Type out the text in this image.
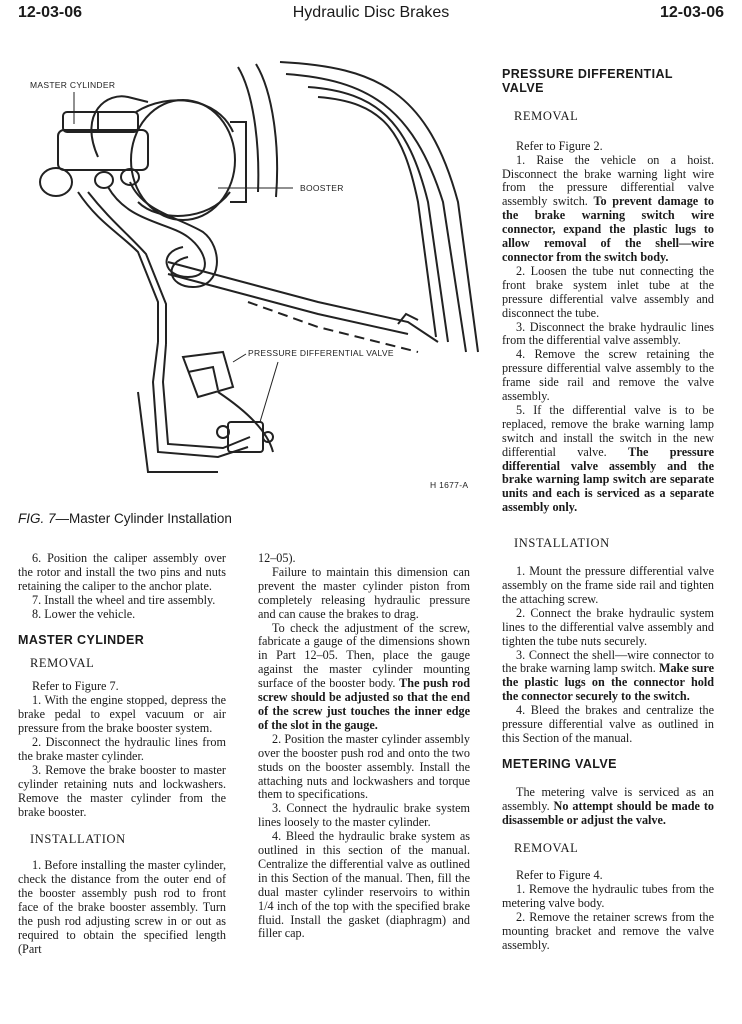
12-03-06	Hydraulic Disc Brakes	12-03-06
MASTER CYLINDER
BOOSTER
PRESSURE DIFFERENTIAL VALVE
H 1677-A
FIG. 7—Master Cylinder Installation

6. Position the caliper assembly over the rotor and install the two pins and nuts retaining the caliper to the anchor plate.

7. Install the wheel and tire assembly.

8. Lower the vehicle.

MASTER CYLINDER

REMOVAL

Refer to Figure 7.

1. With the engine stopped, depress the brake pedal to expel vacuum or air pressure from the brake booster system.

2. Disconnect the hydraulic lines from the brake master cylinder.

3. Remove the brake booster to master cylinder retaining nuts and lockwashers. Remove the master cylinder from the brake booster.

INSTALLATION

1. Before installing the master cylinder, check the distance from the outer end of the booster assembly push rod to front face of the brake booster assembly. Turn the push rod adjusting screw in or out as required to obtain the specified length (Part

12–05).

Failure to maintain this dimension can prevent the master cylinder piston from completely releasing hydraulic pressure and can cause the brakes to drag.

To check the adjustment of the screw, fabricate a gauge of the dimensions shown in Part 12–05. Then, place the gauge against the master cylinder mounting surface of the booster body. The push rod screw should be adjusted so that the end of the screw just touches the inner edge of the slot in the gauge.

2. Position the master cylinder assembly over the booster push rod and onto the two studs on the booster assembly. Install the attaching nuts and lockwashers and torque them to specifications.

3. Connect the hydraulic brake system lines loosely to the master cylinder.

4. Bleed the hydraulic brake system as outlined in this section of the manual. Centralize the differential valve as outlined in this Section of the manual. Then, fill the dual master cylinder reservoirs to within 1/4 inch of the top with the specified brake fluid. Install the gasket (diaphragm) and filler cap.

PRESSURE DIFFERENTIAL VALVE

REMOVAL

Refer to Figure 2.

1. Raise the vehicle on a hoist. Disconnect the brake warning light wire from the pressure differential valve assembly switch. To prevent damage to the brake warning switch wire connector, expand the plastic lugs to allow removal of the shell—wire connector from the switch body.

2. Loosen the tube nut connecting the front brake system inlet tube at the pressure differential valve assembly and disconnect the tube.

3. Disconnect the brake hydraulic lines from the differential valve assembly.

4. Remove the screw retaining the pressure differential valve assembly to the frame side rail and remove the valve assembly.

5. If the differential valve is to be replaced, remove the brake warning lamp switch and install the switch in the new differential valve. The pressure differential valve assembly and the brake warning lamp switch are separate units and each is serviced as a separate assembly only.

INSTALLATION

1. Mount the pressure differential valve assembly on the frame side rail and tighten the attaching screw.

2. Connect the brake hydraulic system lines to the differential valve assembly and tighten the tube nuts securely.

3. Connect the shell—wire connector to the brake warning lamp switch. Make sure the plastic lugs on the connector hold the connector securely to the switch.

4. Bleed the brakes and centralize the pressure differential valve as outlined in this Section of the manual.

METERING VALVE

The metering valve is serviced as an assembly. No attempt should be made to disassemble or adjust the valve.

REMOVAL

Refer to Figure 4.

1. Remove the hydraulic tubes from the metering valve body.

2. Remove the retainer screws from the mounting bracket and remove the valve assembly.
